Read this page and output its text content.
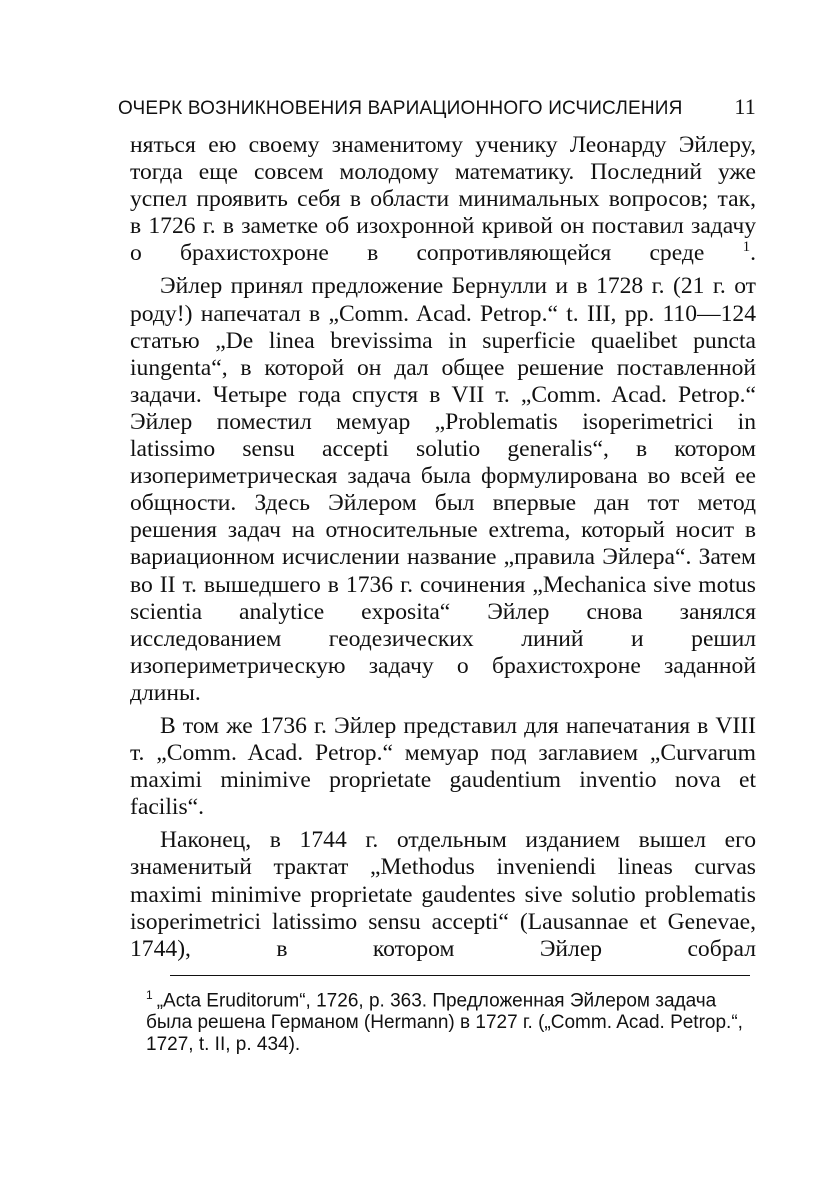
ОЧЕРК ВОЗНИКНОВЕНИЯ ВАРИАЦИОННОГО ИСЧИСЛЕНИЯ 11

няться ею своему знаменитому ученику Леонарду Эйлеру, тогда еще совсем молодому математику. Последний уже успел проявить себя в области минимальных вопросов; так, в 1726 г. в заметке об изохронной кривой он поставил задачу о брахистохроне в сопротивляющейся среде	$^1$.

Эйлер принял предложение Бернулли и в 1728 г. (21 г. от роду!) напечатал в „Comm. Acad. Petrop.“ t. III, pp. 110—124 статью „De linea brevissima in superficie quaelibet puncta iungenta“, в которой он дал общее решение поставленной задачи. Четыре года спустя в VII т. „Comm. Acad. Petrop.“ Эйлер поместил мемуар „Problematis isoperimetrici in latissimo sensu accepti solutio generalis“, в котором изопериметрическая задача была формулирована во всей ее общности. Здесь Эйлером был впервые дан тот метод решения задач на относительные extrema, который носит в вариационном исчислении название „правила Эйлера“. Затем во II т. вышедшего в 1736 г. сочинения „Mechanica sive motus scientia analytice exposita“ Эйлер снова занялся исследованием геодезических линий и решил изопериметрическую задачу о брахистохроне заданной длины.

В том же 1736 г. Эйлер представил для напечатания в VIII т. „Comm. Acad. Petrop.“ мемуар под заглавием „Curvarum maximi minimive proprietate gaudentium inventio nova et facilis“.

Наконец, в 1744 г. отдельным изданием вышел его знаменитый трактат „Methodus inveniendi lineas curvas maximi minimive proprietate gaudentes sive solutio problematis isoperimetrici latissimo sensu accepti“ (Lausannae et Genevae, 1744), в котором Эйлер собрал

$^1$ „Acta Eruditorum“, 1726, p. 363. Предложенная Эйлером задача была решена Германом (Hermann) в 1727 г. („Comm. Acad. Petrop.“, 1727, t. II, p. 434).
